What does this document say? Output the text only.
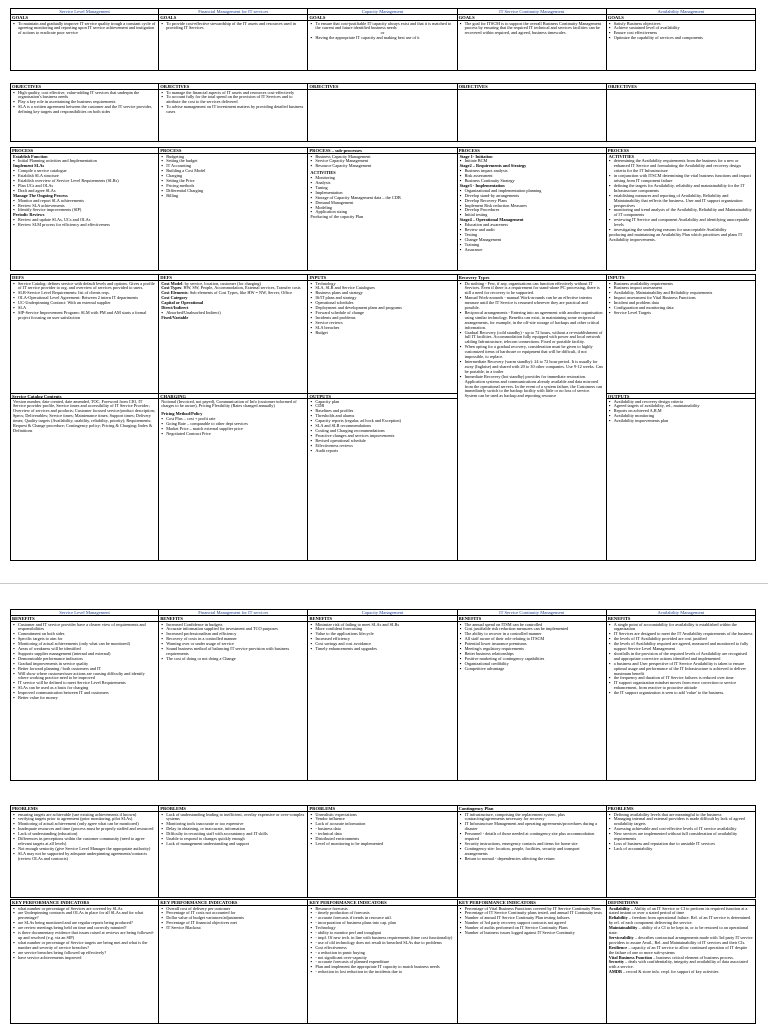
Service Level Management
GOALS
▪ To maintain and gradually improve IT service quality trough a constant cycle of agreeing monitoring and reporting upon IT service achievement and instigation of actions to eradicate poor service
Financial Management for IT services
GOALS
▪ To provide cost-effective stewardship of the IT assets and resources used in providing IT Services
Capacity Management
GOALS
▪ To ensure that cost-justifiable IT capacity always exist and that it is matched to the current and future identified business needs

or

▪ Having the appropriate IT capacity and making best use of it
IT Service Continuity Management
GOALS
▪ The goal for ITSCM is to support the overall Business Continuity Management process by ensuring that the required IT technical and services facilities can be recovered within required, and agreed, business timescales
Availability Management
GOALS
▪ Satisfy Business objectives
▪ Achieve sustained level of availability
▪ Ensure cost effectiveness
▪ Optimize the capability of services and components
OBJECTIVES
▪ High quality, cost effective, value-adding IT services that underpin the organisation's business needs
▪ Play a key role in ascertaining the business requirements
▪ SLA is a written agreement between the customer and the IT service provider, defining key targets and responsibilities on both sides
OBJECTIVES
▪ To manage the financial aspects of IT assets and resources cost-effectively
▪ To account fully for the total spend on the provision of IT Services and to attribute the cost to the services delivered
▪ To advise management on IT investment matters by providing detailed business cases
OBJECTIVES	OBJECTIVES	OBJECTIVES
PROCESS

Establish Function

▪ Initial Planning activities and Implementation

Implement SLAs

▪ Compile a service catalogue
▪ Establish SLA structure
▪ Establish overview of Service Level Requirements (SLRs)
▪ Plan UCs and OLAs
▪ Draft and agree SLAs

Manage The Ongoing Process

▪ Monitor and report SLA achievements
▪ Review SLA achievements
▪ Identify Service improvements (SIP)

Periodic Reviews

▪ Review and update SLAs, UCs and OLAs
▪ Review SLM process for efficiency and effectiveness
PROCESS
▪ Budgeting
▪ Setting the budget
▪ IT Accounting
▪ Building a Cost Model
▪ Charging
▪ Setting the Price
▪ Pricing methods
▪ Differential Charging
▪ Billing
PROCESS – sub-processes
▪ Business Capacity Management
▪ Service Capacity Management
▪ Resource Capacity Management

ACTIVITIES

▪ Monitoring
▪ Analysis
▪ Tuning
▪ Implementation
▪ Storage of Capacity Management data – the CDB
▪ Demand Management
▪ Modeling
▪ Application sizing

Producing of the capacity Plan

PROCESS

Stage 1- Initiation

▪ Initiate BCM

Stage2 – Requirements and Strategy

▪ Business impact analysis
▪ Risk assessment
▪ Business Continuity Strategy

Stage3 - Implementation

▪ Organizational and implementation planning
▪ Develop stand-by arrangements
▪ Develop Recovery Plans
▪ Implement Risk reduction Measures
▪ Develop Procedures
▪ Initial testing

Stage4 – Operational Management

▪ Education and awareness
▪ Review and audit
▪ Testing
▪ Change Management
▪ Training
▪ Assurance
PROCESS

ACTIVITIES

▪ determining the Availability requirements from the business for a new or enhanced IT Service and formulating the Availability and recovery design criteria for the IT Infrastructure
▪ in conjunction with ITSCM determining the vital business functions and impact arising from IT component failure
▪ defining the targets for Availability, reliability and maintainability for the IT Infrastructure components
▪ establishing measures and reporting of Availability, Reliability and Maintainability that reflects the business, User and IT support organization perspectives
▪ monitoring and trend analysis of the Availability, Reliability and Maintainability of IT components
▪ reviewing IT Service and component Availability and identifying unacceptable levels
▪ investigating the underlying reasons for unacceptable Availability

producing and maintaining an Availability Plan which prioritises and plans IT Availability improvements.

DEFS
▪ Service Catalog: defines service with default levels and options. Gives a profile of IT service provider to org. and overview of services provided to users.
▪ SLR-Service Level Requirements: list of clients reqs.
▪ OLA-Operational Level Agreement: Between 2 intern IT departments
▪ UC-Underpinning Contract: With an external supplier
▪ SLA
▪ SIP-Service Improvement Program: SLM with PM and AM starts a formal project focusing on user satisfaction
Service Catalog Contents

Version number, date created, date amended, TOC, Foreword from CIO, IT Service provider profile, Service times and accessibility of IT Service Provider; Overview of services and products; Customer focused service/product description; Specs; Deliverables; Service times; Maintenance times; Support times; Delivery times; Quality targets (Availability, usability, reliability, priority); Requirements; Request & Change procedure; Contingency policy; Pricing & Charging; Index & Definitions

DEFS

Cost Model: by service, location, customer (for charging)

Cost Types: HW, SW, People, Accommodation, External services, Transfer costs

Cost Elements: Sub elements of Cost Types, like HW = NW, Server, Office

Cost Category

Capital or Operational

Direct/Indirect

▪ Absorbed/Unabsorbed Indirect)

Fixed/Variable

CHARGING

Notional (Invoiced, not payed), Communication of Info (customer informed of charges to be aware), Pricing Flexibility (Rates changed annually)

Pricing Method/Policy

▪ Cost Plus – cost + profit rate
▪ Going Rate – comparable to other dept services
▪ Market Price – match external supplier price
▪ Negotiated Contract Price
INPUTS
▪ Technology
▪ SLA, SLR and Service Catalogues
▪ Business plans and strategy
▪ IS/IT plans and strategy
▪ Operational schedules
▪ Deployment and development plans and programs
▪ Forward schedule of change
▪ Incidents and problems
▪ Service reviews
▪ SLA breaches
▪ Budget
OUTPUTS
▪ Capacity plan
▪ CDB
▪ Baselines and profiles
▪ Thresholds and alarms
▪ Capacity reports (regular, ad hock and Exception)
▪ SLA and SLR recommendations
▪ Costing and Charging recommendations
▪ Proactive changes and services improvements
▪ Revised operational schedule
▪ Effectiveness reviews
▪ Audit reports
Recovery Types
▪ Do nothing - Few, if any, organisations can function effectively without IT Services. Even if there is a requirement for stand-alone PC processing, there is still a need for recovery to be supported.
▪ Manual Work-arounds - manual Work-arounds can be an effective interim measure until the IT Service is resumed wherever they are practical and possible.
▪ Reciprocal arrangements - Entering into an agreement with another organisation using similar technology. Benefits can exist, in maintaining some reciprocal arrangements, for example, in the off-site storage of backups and other critical information.
▪ Gradual Recovery (cold standby) - up to 72 hours, without a re-establishment of full IT facilities. Accommodation fully equipped with power and local network cabling Infrastructure, telecom connections. Fixed or portable facility.
▪ When opting for a gradual recovery, consideration must be given to highly customized items of hardware or equipment that will be difficult, if not impossible, to replace.
▪ Intermediate Recovery (warm standby): 24 to 72 hour period. It is usually for away (Inglaise) and shared with 20 to 30 other companies. Use 9-12 weeks. Can be portable, in a trailer
▪ Immediate Recovery (hot standby) provides for immediate restoration. Application systems and communications already available and data mirrored from the operational servers. In the event of a system failure, the Customers can immediately switch to the backup facility with little or no loss of service. System can be used as backup and reporting resource
INPUTS
▪ Business availability requirements
▪ Business impact assessment
▪ Availability, Maintainability and Reliability requirements
▪ Impact assessment for Vital Business Functions
▪ Incident and problem data
▪ Configuration and monitoring data
▪ Service Level Targets
OUTPUTS
▪ Availability and recovery design criteria
▪ Agreed targets of availability, rel., maintainability
▪ Reports on achieved A,R,M
▪ Availability monitoring
▪ Availability improvements plan
Service Level Management
BENEFITS
▪ Customer and IT service provider have a clearer view of requirements and responsibilities
▪ Commitment on both sides
▪ Specific targets to aim for
▪ Monitoring of actual achievements (only what can be monitored)
▪ Areas of weakness will be identified
▪ Supports supplier management (internal and external)
▪ Demonstrable performance indicators
▪ Gradual improvements in service quality
▪ Better forward planning / both customers and IT
▪ Will show where customer/user actions are causing difficulty and identify where working practice need to be improved
▪ IT service will be defined to meet Service Level Requirements
▪ SLAs can be used as a basis for charging
▪ Improved communication between IT and customers
▪ Better value for money
Financial Management for IT services
BENEFITS
▪ Increased Confidence in budgets
▪ Accurate information supplied for investment and TCO purposes
▪ Increased professionalism and efficiency
▪ Recovery of costs in a controlled manner
▪ Warning over or under usage of service
▪ Sound business method of balancing IT service provision with business requirements
▪ The cost of doing or not doing a Change
Capacity Management
BENEFITS
▪ Minimize risk of failing to meet SLAs and SLRs
▪ More confident forecasting
▪ Value to the applications lifecycle
▪ Increased efficiency
▪ Cost savings and cost avoidance
▪ Timely enhancements and upgrades
IT Service Continuity Management
BENEFITS
▪ The annual spend on ITSM can be controlled
▪ Cost justifiable risk reduction measures can be implemented
▪ The ability to recover in a controlled manner
▪ All staff aware of their role relating to ITSCM
▪ Potential lower insurance premiums
▪ Meeting/s regulatory requirements
▪ Better business relationships
▪ Positive marketing of contingency capabilities
▪ Organizational credibility
▪ Competitive advantage
Availability Management
BENEFITS
▪ A single point of accountability for availability is established within the organization
▪ IT Services are designed to meet the IT Availability requirements of the business
▪ the levels of IT Availability provided are cost justified
▪ the levels of Availability required are agreed, measured and monitored to fully support Service Level Management
▪ shortfalls in the provision of the required levels of Availability are recognised and appropriate corrective actions identified and implemented
▪ a business and User perspective of IT Service Availability is taken to ensure optimal usage and performance of the IT Infrastructure is achieved to deliver maximum benefit
▪ the frequency and duration of IT Service failures is reduced over time
▪ IT support organization mindset moves from error correction to service enhancement, from reactive to proactive attitude
▪ the IT support organization is seen to add 'value' to the business.
PROBLEMS
▪ ensuring targets are achievable (use existing achievements if known)
▪ verifying targets prior to agreement (prior monitoring, pilot SLAs)
▪ Monitoring of actual achievement (only agree what can be monitored)
▪ Inadequate resources and time (process must be properly staffed and resourced
▪ Lack of understanding (education)
▪ Differences in perceptions within the customer community (need to agree relevant targets at all levels)
▪ Not enough seniority (give Service Level Manager the appropriate authority)
▪ SLA may not be supported by adequate underpinning agreements/contracts (review OLAs and contracts)
PROBLEMS
▪ Lack of understanding leading to inefficient, overlay expensive or over-complex systems
▪ Monitoring tools inaccurate or too expensive
▪ Delay in obtaining, or inaccurate, information
▪ Difficulty in recruiting staff with accountancy and IT skills
▪ Unable to respond to changes quickly enough
▪ Lack of management understanding and support
PROBLEMS
▪ Unrealistic expectations
▪ Vendor influence
▪ Lack of accurate information
▪ - business data
▪ - technical data
▪ Distributed environments
▪ Level of monitoring to be implemented
Contingency Plan
▪ IT infrastructure, comprising the replacement system, plus contracting/agreements necessary for recovery
▪ IT Infrastructure Management and operating agreements/procedures during a disaster
▪ Personnel - details of those needed at contingency site plus accommodation required
▪ Security instructions, emergency contacts and items for home site
▪ Contingency site: location, people, facilities, security and transport arrangements
▪ Return to normal - dependencies affecting the return
PROBLEMS
▪ Defining availability levels that are meaningful to the business
▪ Managing internal and external providers is made difficult by lack of agreed availability targets
▪ Assessing achievable and cost-effective levels of IT service availability
▪ New services are implemented without full consideration of availability requirements
▪ Loss of business and reputation due to unstable IT services
▪ Lack of accountability
KEY PERFORMANCE INDICATORS
▪ what number or percentage of Services are covered by SLAs
▪ are Underpinning contracts and OLAs in place for all SLAs and for what percentage?
▪ are SLAs being monitored and are regular reports being produced?
▪ are review meetings being held on time and correctly minuted?
▪ is there documentary evidence that issues raised at reviews are being followed-up and resolved (e.g. via an SIP)
▪ what number or percentage of Service targets are being met and what is the number and severity of service breaches?
▪ are service breaches being followed up effectively?
▪ have service achievements improved
KEY PERFORMANCE INDICATORS
▪ Overall cost of delivery per customer
▪ Percentage of IT costs not accounted for
▪ Dollar value of budget variances/adjustments
▪ Percentage of IT financial objectives met
▪ IT Service Blackout
KEY PERFORMANCE INDICATORS
▪ Resource forecasts
▪ - timely production of forecasts
▪ - accurate forecasts if trends in resource util.
▪ - incorporation of business plans into cap. plan
▪ Technology
▪ - ability to monitor perf and troughput
▪ - impl. Of new tech. in line with business requirements (time cost functionality)
▪ - use of old technology does not result in breached SLAs due to problems
▪ Cost effectiveness
▪ - a reduction in panic buying
▪ - not significant over-capacity
▪ - accurate forecasts of planned expenditure
▪ Plan and implement the appropriate IT capacity to match business needs
▪ - reduction in lost reduction in the incidents due to
KEY PERFORMANCE INDICATORS
▪ Percentage of Vital Business Functions covered by IT Service Continuity Plans
▪ Percentage of IT Service Continuity plans tested, and annual IT Continuity tests
▪ Number of annual IT Service Continuity Plan testing failures
▪ Number of 3rd party recovery support contracts not agreed
▪ Number of audits performed on IT Service Continuity Plans
▪ Number of business issues logged against IT Service Continuity
DEFINITIONS

Availability – Ability of an IT Service or CI to perform its required function at a stated instant or over a stated period of time

Reliability – freedom from operational failure. Rel. of an IT service is determined by rel. of each component delivering the service.

Maintainability – ability of a CI to be kept in, or to be restored to an operational state.

Serviceability – describes contractual arrangements made with 3rd party IT service providers to assure Avail., Rel. and Maintainability of IT services and their CIs.

Resilience – capacity of an IT service to allow continued operation of IT despite the failure of one or more sub-systems

Vital Business Function – business critical element of business process.

Security – deals with confidentiality, integrity and availability of data associated with a service.

AMDB – record & store info. reqd. for support of key activities
